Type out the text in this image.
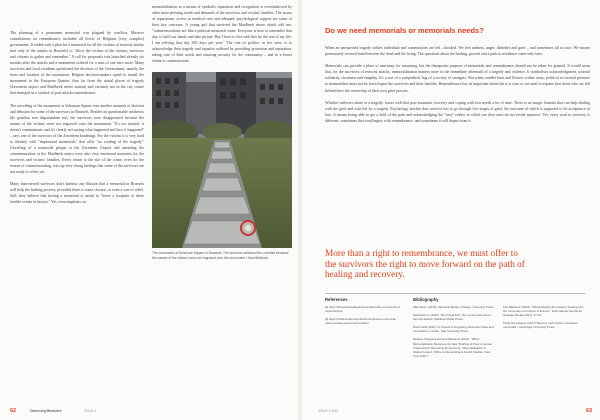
The planning of a permanent memorial was plagued by conflicts. Massive consultations on remembrance included all levels of Belgium (very complex) government. It ended with a plan for a memorial for all the victims of terrorist attacks (not only of the attacks in Brussels) to "allow the victims of the victims, survivors and citizens to gather and remember." A call for proposals was launched already six months after the attacks and a monument ordered for a sum of one euro more. Many survivors and local residents questioned the decision of the Government, namely the form and location of the monument. Belgian decision-makers opted to install the monument in the European Quarter, thus far from the actual places of tragedy (Zaventem airport and Maelbeek metro station) and certainly not in the city centre that emerged as a symbol of post-attacks remembrance.

The unveiling of the monument at Schuman Square was another moment of division and delusion for some of the survivors in Brussels. Besides its questionable aesthetics (de gustibus non disputandum est), the survivors were disappointed because the names of the victims were not engraved onto the monument. "It's too neutral, it doesn't communicate and it's clearly not saying what happened and how it happened" – says one of the survivors of the Zaventem bombings. For the victims it is very hard to identify with "impersonal memorials" that offer "no reading of the tragedy." Unveiling of a memorial plaque at the Zaventem Airport and attending the commemoration at the Maelbeek metro were also very emotional moments for the survivors and victims' families. Every return to the site of the crime, even for the reason of commemorating, stirs up very strong feelings that some of the survivors are not ready to relive yet.

Many interviewed survivors don't harbour any illusion that a memorial in Brussels will help the healing process, provided there is some closure, or even a sort of relief. Still, they believe that having a memorial is useful to "leave a footprint of these terrible events in history." Yet, even emphasis on

memorialisation as a means of symbolic reparation and recognition is overshadowed by other more pressing needs and demands of the survivors and victims' families. The issues of reparations, access to medical care and adequate psychological support are some of their key concerns. A young girl that survived the Maelbeek metro attack told me, "commemorations are like a political memorial stone. Everyone is here to remember that day, to hold our hands and take picture. But I have to live with this by the rest of my life. I am reliving that day 365 days per year." The role of politics, in her view, is to acknowledge their tragedy and injustice suffered by providing protection and reparation, taking care of their needs and ensuring security for the community – and to a lesser extent to commemorate.

The monument at Schuman Square in Brussels: The survivors criticised the unveiled because the names of the victims were not engraved onto the monument / Ana Milošević
62	Observing Memories	ISSUE 4
Do we need memorials or memorials needs?

When an unexpected tragedy strikes individual and communities are left –shocked. We feel sadness, anger, disbelief and grief – and sometimes all at once. We mourn prematurely severed bond between the dead and the living. The questions about the healing, growth and a path to resilience come only later.

Memorials can provide a place of sanctuary for mourning, but the therapeutic purpose of memorials and remembrance should not be taken for granted. It would seem that, for the survivors of terrorist attacks, memorialisation matters more in the immediate aftermath of a tragedy and violence. It symbolises acknowledgment, societal solidarity, closeness and empathy. It's a sort of a sympathetic hug of a society of strangers. But when candles burn and flowers wither away, political or societal pressure to memorialise must not be forced upon the survivors and their families. Remembrance has its important limits but it is wise to see until it requires that those who are left behind have the ownership of their own grief process.

Whether sufferers alone or a tragedy, losses well that post-traumatic recovery and coping with loss needs a lot of time. There is no magic formula that can help dealing with the grief and wait left by a tragedy. Psychology teaches that survivor has to go through five stages of grief, the outcome of which is supposed to be acceptance of loss. It means being able to get a hold of the pain and acknowledging the "new" reality in which our dear ones do not reside anymore. Yet, every road to recovery is different: sometimes that road begins with remembrance, and sometimes it will depart from it.

More than a right to remembrance, we must offer to the survivors the right to move forward on the path of healing and recovery.
References
[1] https://brusselsmaelbeekmemorial.be/the-monument-of-remembrance
[2] https://rudbrussels.be/pubs/remembrance-memorial-notice-private-government-citation
Bibliography
Allar Dean. (2016). Memorial Mania. Chicago: University Press.
Setrkevich a. (2016). 'Don't deal that'. The social response to terrorist attacks. Maldives Public Press.
David Neill (2016). In Pursuit of Forgetting Historical Views and Innovations. London: Yale University Press.
Referee Tsaugura and Ana Milošević (2016). "When Memorialisation Becomes the New 'Drafting of Post in Human Trajectories?' Recording Monuments." Memorialisation in Global Context. Office to Memorial and Jewish Studies. New York 2016 7.
Ana Milošević (2019). "Remembering the present: Dealing with the memories of terrorism in Europe." International Journal for Heritage Studies 20(1): 17-18.
Trisel Hui swipeen (2017) 'Memory and Justice: Contested memorials'. Cambridge University Press.
ISSUE 4 2019	63
